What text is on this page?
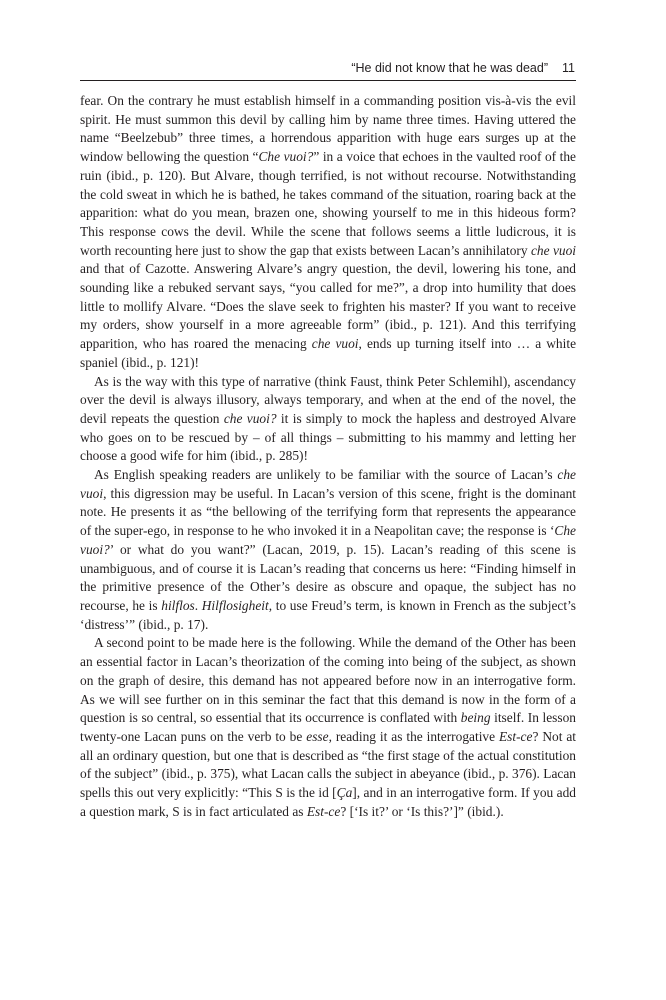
“He did not know that he was dead” 11

fear. On the contrary he must establish himself in a commanding position vis-à-vis the evil spirit. He must summon this devil by calling him by name three times. Having uttered the name “Beelzebub” three times, a horrendous apparition with huge ears surges up at the window bellowing the question “Che vuoi?” in a voice that echoes in the vaulted roof of the ruin (ibid., p. 120). But Alvare, though terrified, is not without recourse. Notwithstanding the cold sweat in which he is bathed, he takes command of the situation, roaring back at the apparition: what do you mean, brazen one, showing yourself to me in this hideous form? This response cows the devil. While the scene that follows seems a little ludicrous, it is worth recounting here just to show the gap that exists between Lacan’s annihilatory che vuoi and that of Cazotte. Answering Alvare’s angry question, the devil, lowering his tone, and sounding like a rebuked servant says, “you called for me?”, a drop into humility that does little to mollify Alvare. “Does the slave seek to frighten his master? If you want to receive my orders, show yourself in a more agreeable form” (ibid., p. 121). And this terrifying apparition, who has roared the menacing che vuoi, ends up turning itself into … a white spaniel (ibid., p. 121)!

As is the way with this type of narrative (think Faust, think Peter Schlemihl), ascendancy over the devil is always illusory, always temporary, and when at the end of the novel, the devil repeats the question che vuoi? it is simply to mock the hapless and destroyed Alvare who goes on to be rescued by – of all things – submitting to his mammy and letting her choose a good wife for him (ibid., p. 285)!

As English speaking readers are unlikely to be familiar with the source of Lacan’s che vuoi, this digression may be useful. In Lacan’s version of this scene, fright is the dominant note. He presents it as “the bellowing of the terrifying form that represents the appearance of the super-ego, in response to he who invoked it in a Neapolitan cave; the response is ‘Che vuoi?’ or what do you want?” (Lacan, 2019, p. 15). Lacan’s reading of this scene is unambiguous, and of course it is Lacan’s reading that concerns us here: “Finding himself in the primitive presence of the Other’s desire as obscure and opaque, the subject has no recourse, he is hilflos. Hilflosigheit, to use Freud’s term, is known in French as the subject’s ‘distress’” (ibid., p. 17).

A second point to be made here is the following. While the demand of the Other has been an essential factor in Lacan’s theorization of the coming into being of the subject, as shown on the graph of desire, this demand has not appeared before now in an interrogative form. As we will see further on in this seminar the fact that this demand is now in the form of a question is so central, so essential that its occurrence is conflated with being itself. In lesson twenty-one Lacan puns on the verb to be esse, reading it as the interrogative Est-ce? Not at all an ordinary question, but one that is described as “the first stage of the actual constitution of the subject” (ibid., p. 375), what Lacan calls the subject in abeyance (ibid., p. 376). Lacan spells this out very explicitly: “This S is the id [Ça], and in an interrogative form. If you add a question mark, S is in fact articulated as Est-ce? [‘Is it?’ or ‘Is this?’]” (ibid.).
